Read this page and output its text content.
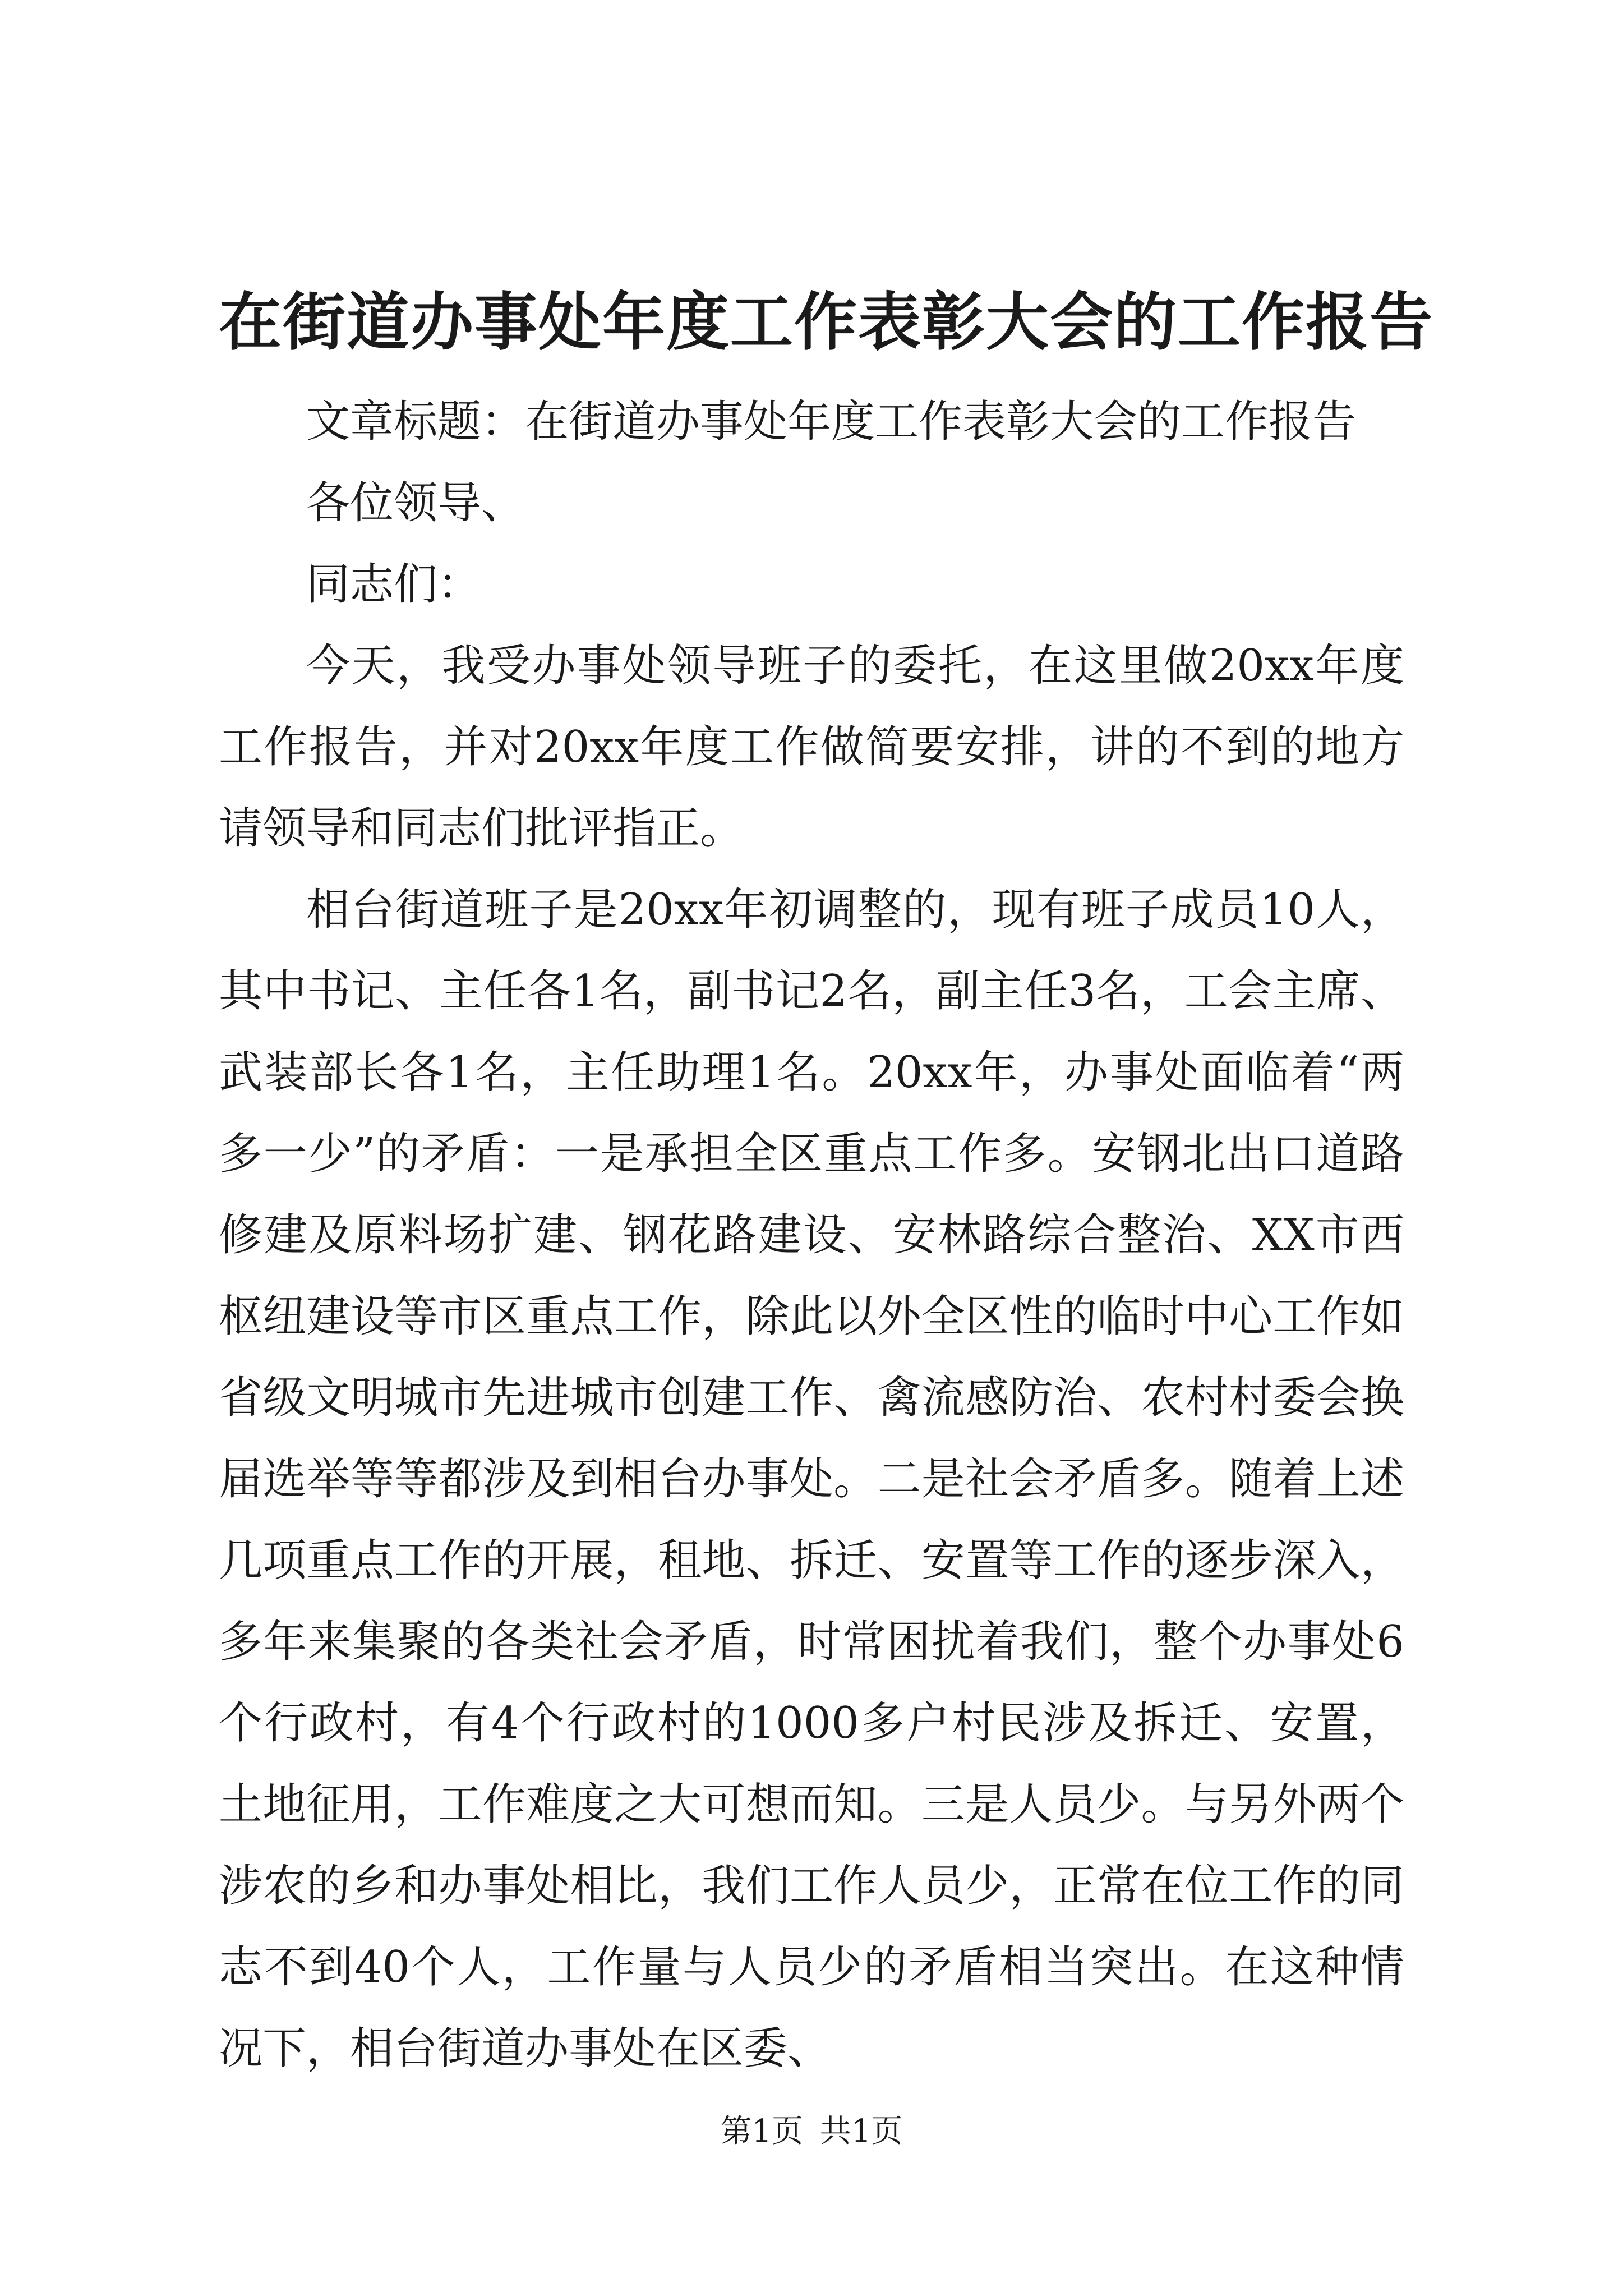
在街道办事处年度工作表彰大会的工作报告

文章标题：在街道办事处年度工作表彰大会的工作报告

各位领导、

同志们：

今天，我受办事处领导班子的委托，在这里做20xx年度工作报告，并对20xx年度工作做简要安排，讲的不到的地方请领导和同志们批评指正。

相台街道班子是20xx年初调整的，现有班子成员10人，其中书记、主任各1名，副书记2名，副主任3名，工会主席、武装部长各1名，主任助理1名。20xx年，办事处面临着“两多一少”的矛盾：一是承担全区重点工作多。安钢北出口道路修建及原料场扩建、钢花路建设、安林路综合整治、XX市西枢纽建设等市区重点工作，除此以外全区性的临时中心工作如省级文明城市先进城市创建工作、禽流感防治、农村村委会换届选举等等都涉及到相台办事处。二是社会矛盾多。随着上述几项重点工作的开展，租地、拆迁、安置等工作的逐步深入，多年来集聚的各类社会矛盾，时常困扰着我们，整个办事处6个行政村，有4个行政村的1000多户村民涉及拆迁、安置，土地征用，工作难度之大可想而知。三是人员少。与另外两个涉农的乡和办事处相比，我们工作人员少，正常在位工作的同志不到40个人，工作量与人员少的矛盾相当突出。在这种情况下，相台街道办事处在区委、

第1页 共1页
